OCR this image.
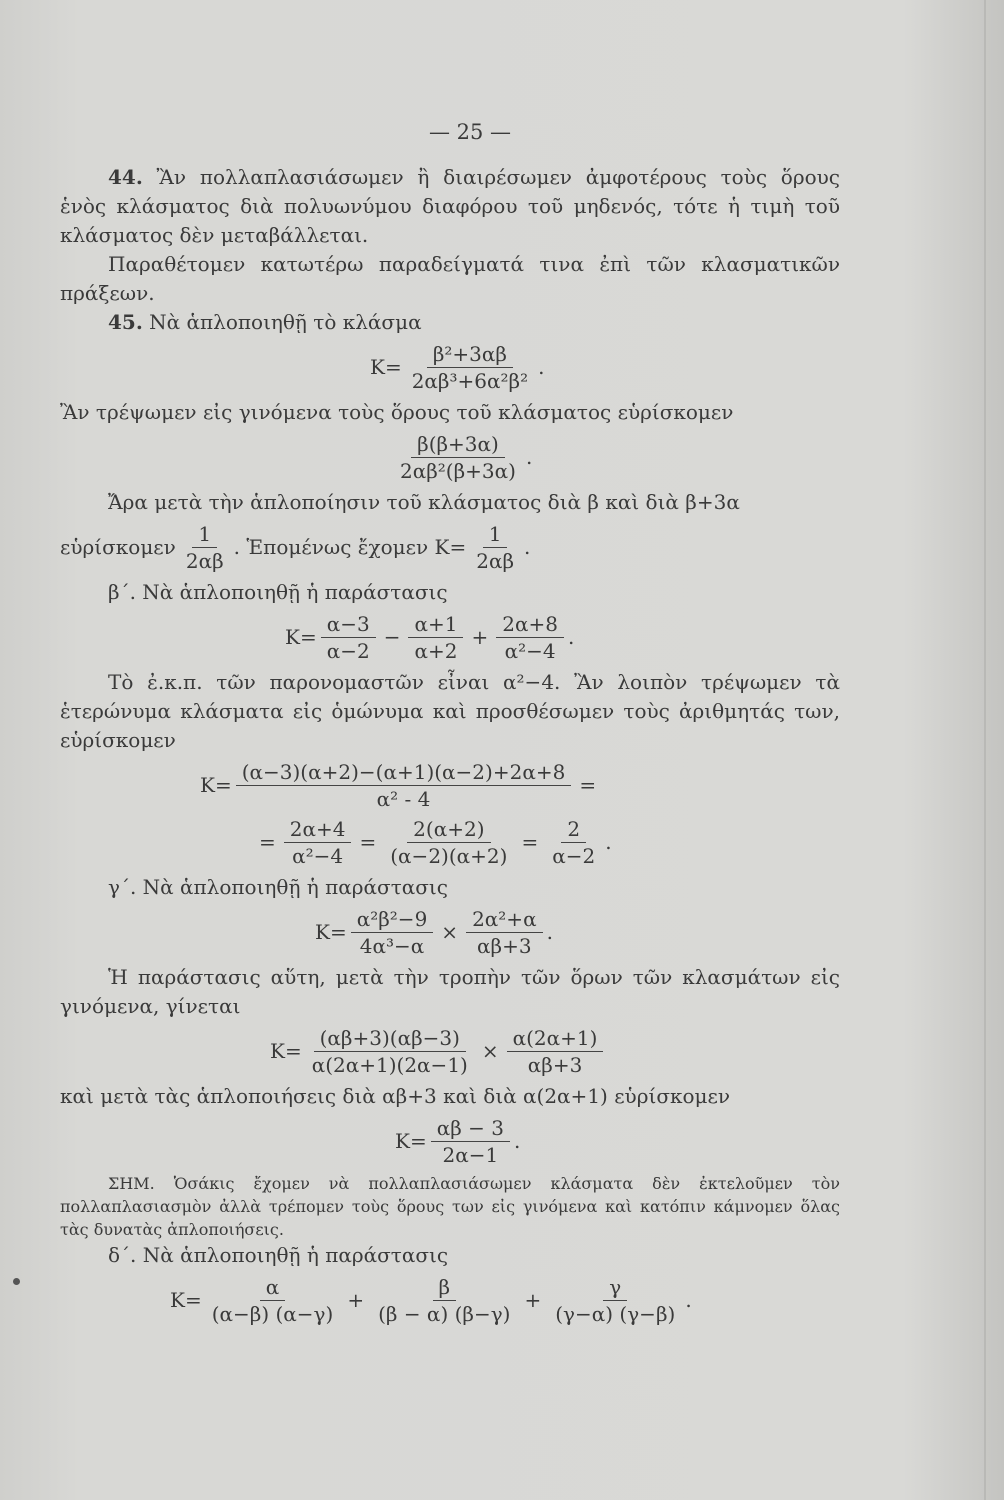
— 25 —

44. Ἂν πολλαπλασιάσωμεν ἢ διαιρέσωμεν ἀμφοτέρους τοὺς ὅρους ἑνὸς κλάσματος διὰ πολυωνύμου διαφόρου τοῦ μηδενός, τότε ἡ τιμὴ τοῦ κλάσματος δὲν μεταβάλλεται.

Παραθέτομεν κατωτέρω παραδείγματά τινα ἐπὶ τῶν κλασματικῶν πράξεων.

45. Νὰ ἁπλοποιηθῇ τὸ κλάσμα

$K= \frac{\text{β²+3αβ}}{\text{2αβ³+6α²β²}}$ .

Ἂν τρέψωμεν εἰς γινόμενα τοὺς ὅρους τοῦ κλάσματος εὑρίσκομεν

$\frac{\beta(\beta+3\alpha)}{\text{2αβ²(β+3α)}}$ .

Ἄρα μετὰ τὴν ἁπλοποίησιν τοῦ κλάσματος διὰ β καὶ διὰ β+3α

εὑρίσκομεν $\frac{1}{2\alpha\beta}$ . Ἑπομένως ἔχομεν $K= \frac{1}{2\alpha\beta}$ .

β΄. Νὰ ἁπλοποιηθῇ ἡ παράστασις

$K= \frac{\alpha-3}{\alpha-2} - \frac{\alpha+1}{\alpha+2} + \frac{2\alpha+8}{\text{α²−4}}$ .

Τὸ ἐ.κ.π. τῶν παρονομαστῶν εἶναι α²−4. Ἂν λοιπὸν τρέψωμεν τὰ ἑτερώνυμα κλάσματα εἰς ὁμώνυμα καὶ προσθέσωμεν τοὺς ἀριθμητάς των, εὑρίσκομεν

$K= \frac{(\alpha-3)(\alpha+2)-(\alpha+1)(\alpha-2)+2\alpha+8}{\text{α² - 4}}$ =
= $\frac{2\alpha+4}{\text{α²−4}} = \frac{2(\alpha+2)}{(\alpha-2)(\alpha+2)} = \frac{2}{\alpha-2}$ .

γ΄. Νὰ ἁπλοποιηθῇ ἡ παράστασις

$K= \frac{\text{α²β²−9}}{\text{4α³−α}} \times \frac{\text{2α²+α}}{\alpha\beta+3}$ .

Ἡ παράστασις αὕτη, μετὰ τὴν τροπὴν τῶν ὅρων τῶν κλασμάτων εἰς γινόμενα, γίνεται

$K= \frac{(\alpha\beta+3)(\alpha\beta-3)}{\alpha(2\alpha+1)(2\alpha-1)} \times \frac{\alpha(2\alpha+1)}{\alpha\beta+3}$

καὶ μετὰ τὰς ἁπλοποιήσεις διὰ αβ+3 καὶ διὰ α(2α+1) εὑρίσκομεν

$K= \frac{\alpha\beta - 3}{2\alpha-1}$ .

ΣΗΜ. Ὁσάκις ἔχομεν νὰ πολλαπλασιάσωμεν κλάσματα δὲν ἐκτελοῦμεν τὸν πολλαπλασιασμὸν ἀλλὰ τρέπομεν τοὺς ὅρους των εἰς γινόμενα καὶ κατόπιν κάμνομεν ὅλας τὰς δυνατὰς ἁπλοποιήσεις.

δ΄. Νὰ ἁπλοποιηθῇ ἡ παράστασις

$K= \frac{\alpha}{(\alpha-\beta) (\alpha-\gamma)} + \frac{\beta}{(\beta - \alpha) (\beta-\gamma)} + \frac{\gamma}{(\gamma-\alpha) (\gamma-\beta)}$ .
